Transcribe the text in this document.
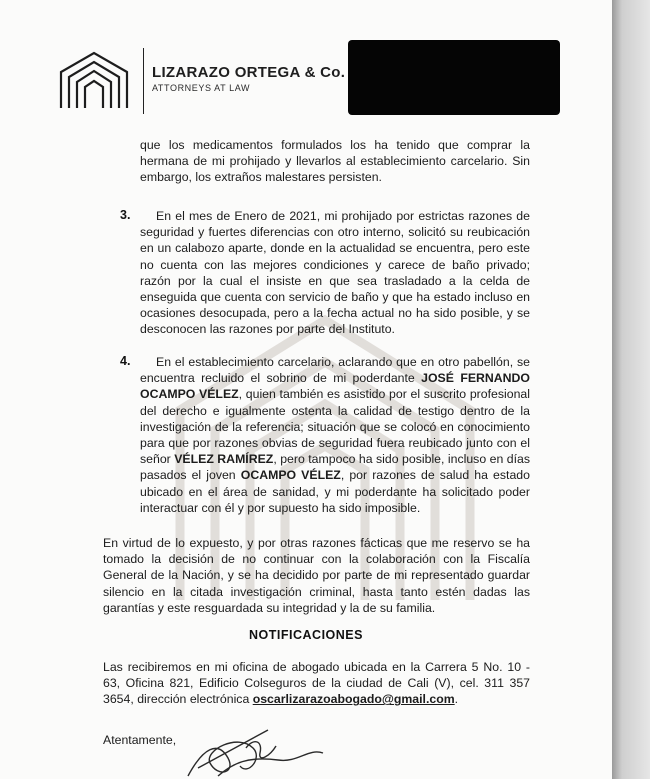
LIZARAZO ORTEGA & Co.
ATTORNEYS AT LAW
que los medicamentos formulados los ha tenido que comprar la hermana de mi prohijado y llevarlos al establecimiento carcelario. Sin embargo, los extraños malestares persisten.
3.	En el mes de Enero de 2021, mi prohijado por estrictas razones de seguridad y fuertes diferencias con otro interno, solicitó su reubicación en un calabozo aparte, donde en la actualidad se encuentra, pero este no cuenta con las mejores condiciones y carece de baño privado; razón por la cual el insiste en que sea trasladado a la celda de enseguida que cuenta con servicio de baño y que ha estado incluso en ocasiones desocupada, pero a la fecha actual no ha sido posible, y se desconocen las razones por parte del Instituto.
4.	En el establecimiento carcelario, aclarando que en otro pabellón, se encuentra recluido el sobrino de mi poderdante JOSÉ FERNANDO OCAMPO VÉLEZ, quien también es asistido por el suscrito profesional del derecho e igualmente ostenta la calidad de testigo dentro de la investigación de la referencia; situación que se colocó en conocimiento para que por razones obvias de seguridad fuera reubicado junto con el señor VÉLEZ RAMÍREZ, pero tampoco ha sido posible, incluso en días pasados el joven OCAMPO VÉLEZ, por razones de salud ha estado ubicado en el área de sanidad, y mi poderdante ha solicitado poder interactuar con él y por supuesto ha sido imposible.
En virtud de lo expuesto, y por otras razones fácticas que me reservo se ha tomado la decisión de no continuar con la colaboración con la Fiscalía General de la Nación, y se ha decidido por parte de mi representado guardar silencio en la citada investigación criminal, hasta tanto estén dadas las garantías y este resguardada su integridad y la de su familia.
NOTIFICACIONES
Las recibiremos en mi oficina de abogado ubicada en la Carrera 5 No. 10 - 63, Oficina 821, Edificio Colseguros de la ciudad de Cali (V), cel. 311 357 3654, dirección electrónica oscarlizarazoabogado@gmail.com.
Atentamente,
